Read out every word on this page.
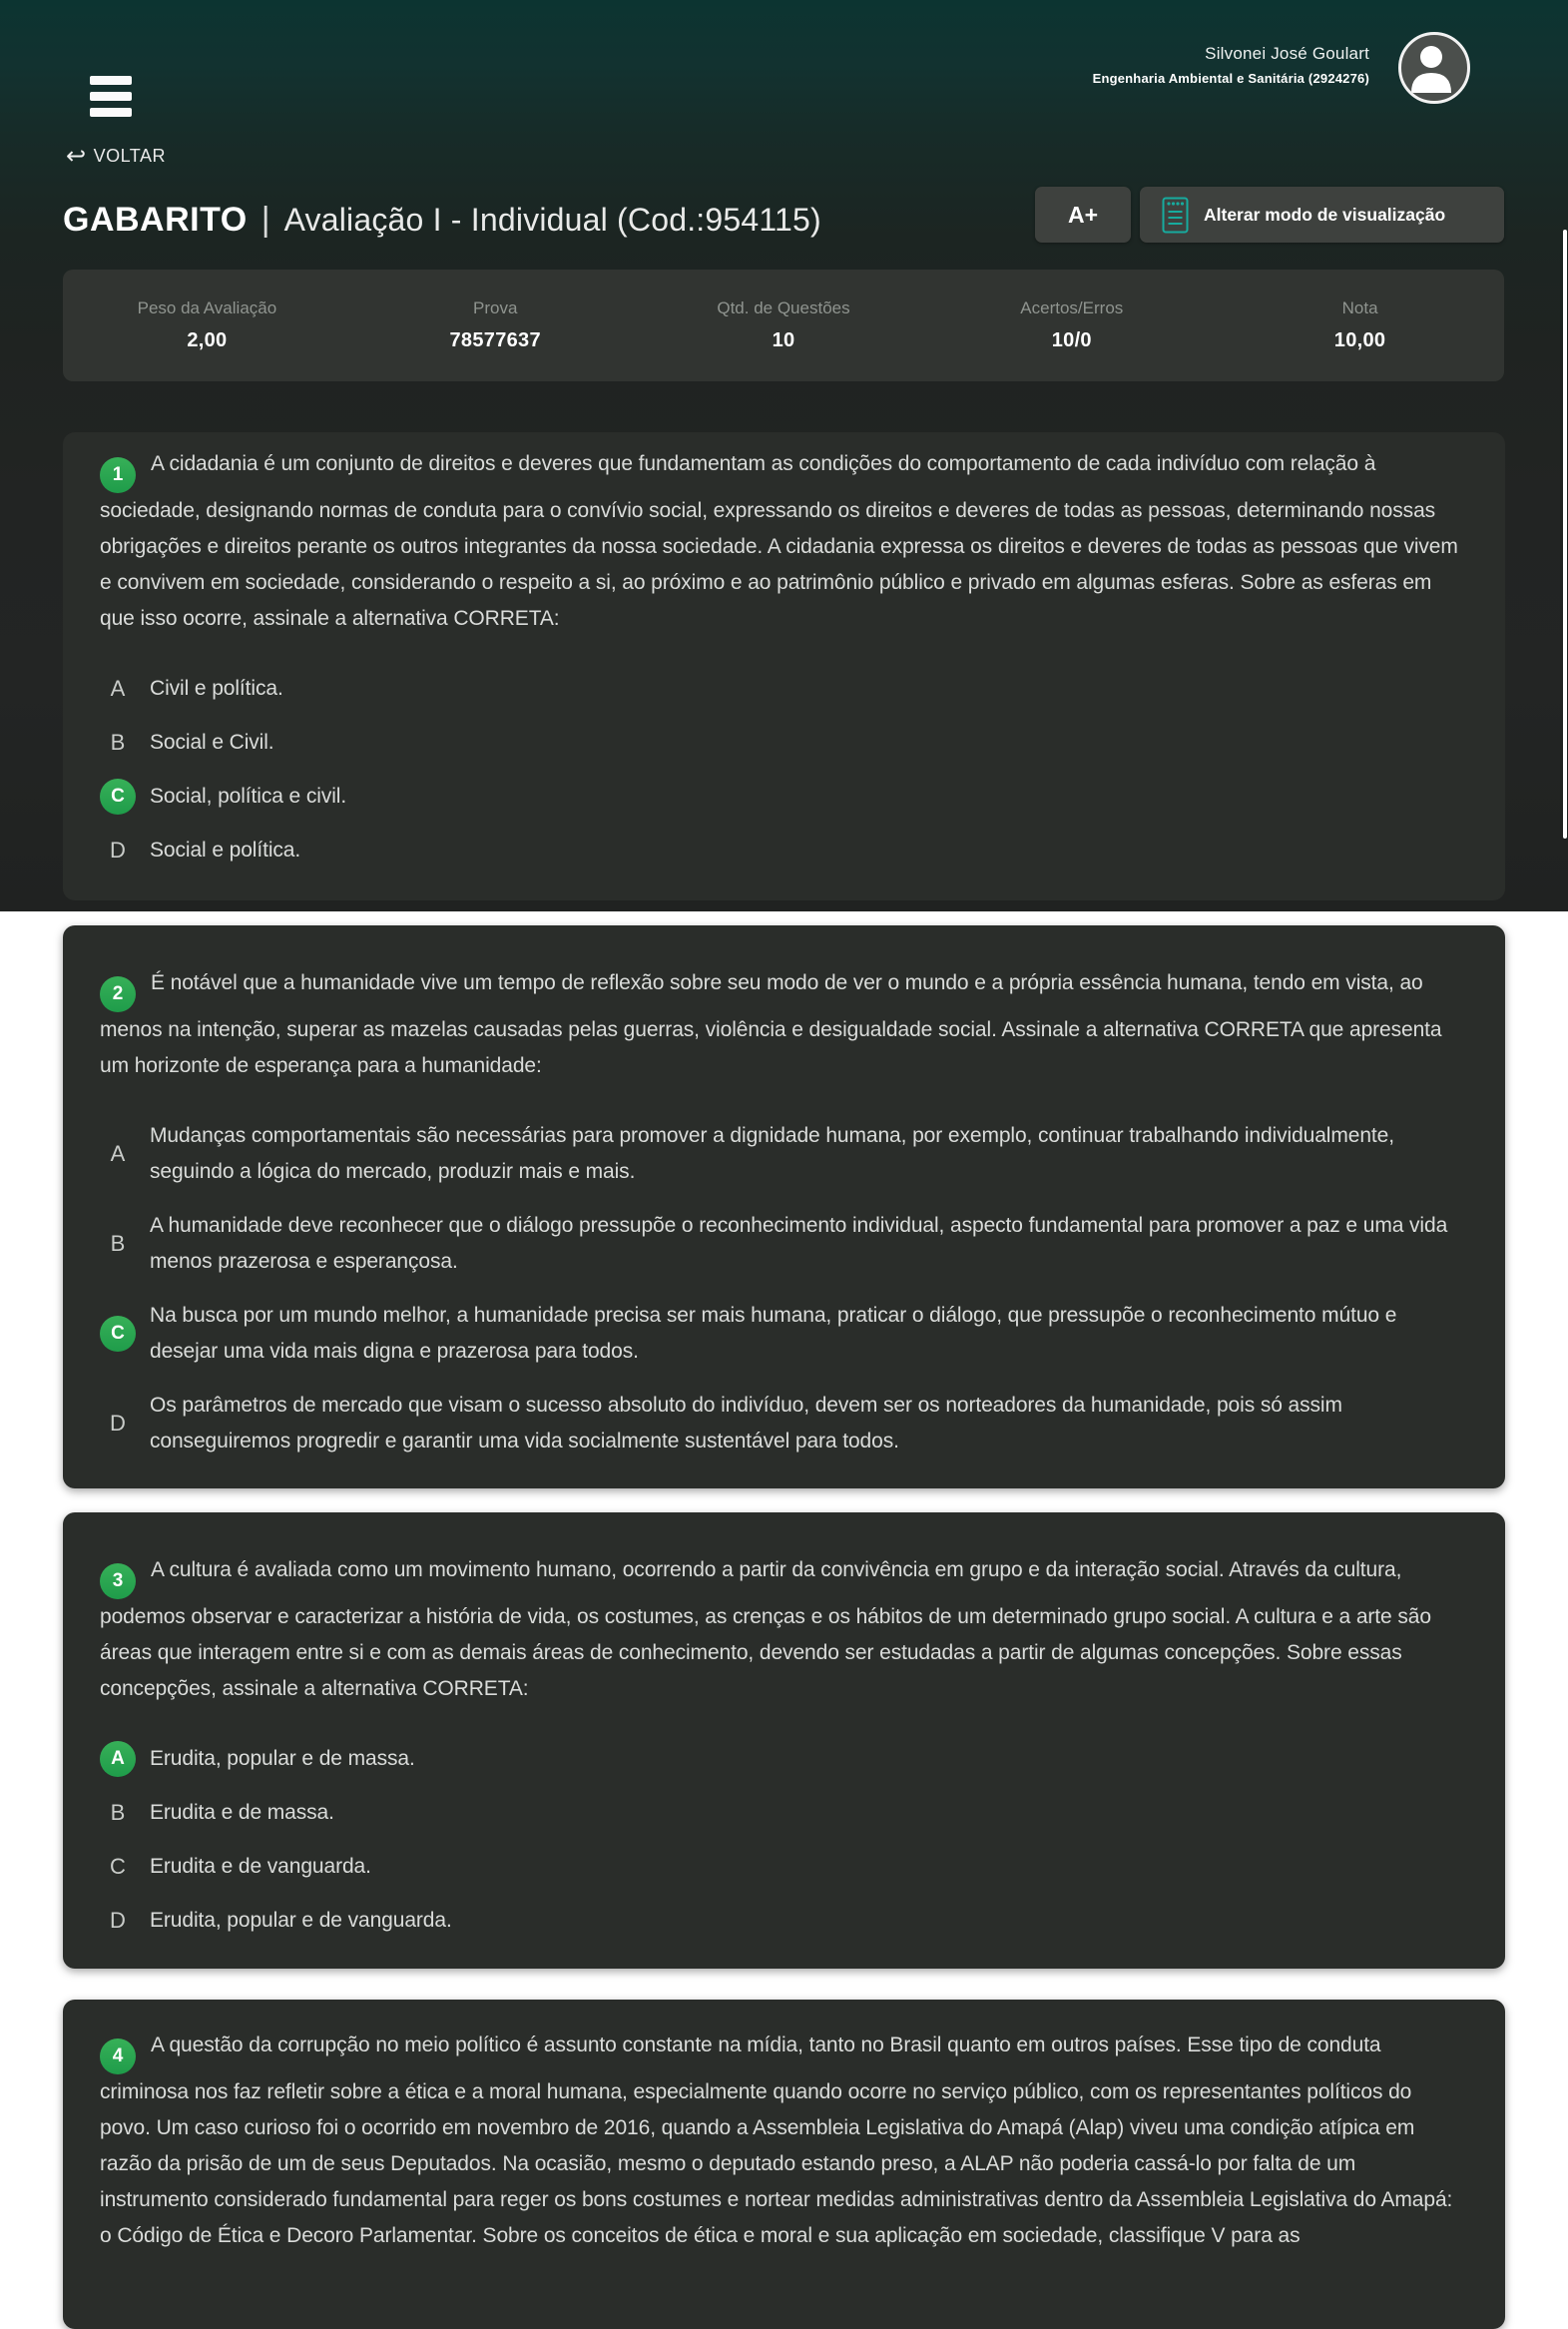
Silvonei José Goulart
Engenharia Ambiental e Sanitária (2924276)
↩ VOLTAR
GABARITO | Avaliação I - Individual (Cod.:954115)	A+	Alterar modo de visualização
Peso da Avaliação
2,00
Prova
78577637
Qtd. de Questões
10
Acertos/Erros
10/0
Nota
10,00

1 A cidadania é um conjunto de direitos e deveres que fundamentam as condições do comportamento de cada indivíduo com relação à sociedade, designando normas de conduta para o convívio social, expressando os direitos e deveres de todas as pessoas, determinando nossas obrigações e direitos perante os outros integrantes da nossa sociedade. A cidadania expressa os direitos e deveres de todas as pessoas que vivem e convivem em sociedade, considerando o respeito a si, ao próximo e ao patrimônio público e privado em algumas esferas. Sobre as esferas em que isso ocorre, assinale a alternativa CORRETA:

A	Civil e política.
B	Social e Civil.
C	Social, política e civil.
D	Social e política.

2 É notável que a humanidade vive um tempo de reflexão sobre seu modo de ver o mundo e a própria essência humana, tendo em vista, ao menos na intenção, superar as mazelas causadas pelas guerras, violência e desigualdade social. Assinale a alternativa CORRETA que apresenta um horizonte de esperança para a humanidade:

A
Mudanças comportamentais são necessárias para promover a dignidade humana, por exemplo, continuar trabalhando individualmente, seguindo a lógica do mercado, produzir mais e mais.
B
A humanidade deve reconhecer que o diálogo pressupõe o reconhecimento individual, aspecto fundamental para promover a paz e uma vida menos prazerosa e esperançosa.
C
Na busca por um mundo melhor, a humanidade precisa ser mais humana, praticar o diálogo, que pressupõe o reconhecimento mútuo e desejar uma vida mais digna e prazerosa para todos.
D
Os parâmetros de mercado que visam o sucesso absoluto do indivíduo, devem ser os norteadores da humanidade, pois só assim conseguiremos progredir e garantir uma vida socialmente sustentável para todos.

3 A cultura é avaliada como um movimento humano, ocorrendo a partir da convivência em grupo e da interação social. Através da cultura, podemos observar e caracterizar a história de vida, os costumes, as crenças e os hábitos de um determinado grupo social. A cultura e a arte são áreas que interagem entre si e com as demais áreas de conhecimento, devendo ser estudadas a partir de algumas concepções. Sobre essas concepções, assinale a alternativa CORRETA:

A	Erudita, popular e de massa.
B	Erudita e de massa.
C	Erudita e de vanguarda.
D	Erudita, popular e de vanguarda.

4 A questão da corrupção no meio político é assunto constante na mídia, tanto no Brasil quanto em outros países. Esse tipo de conduta criminosa nos faz refletir sobre a ética e a moral humana, especialmente quando ocorre no serviço público, com os representantes políticos do povo. Um caso curioso foi o ocorrido em novembro de 2016, quando a Assembleia Legislativa do Amapá (Alap) viveu uma condição atípica em razão da prisão de um de seus Deputados. Na ocasião, mesmo o deputado estando preso, a ALAP não poderia cassá-lo por falta de um instrumento considerado fundamental para reger os bons costumes e nortear medidas administrativas dentro da Assembleia Legislativa do Amapá: o Código de Ética e Decoro Parlamentar. Sobre os conceitos de ética e moral e sua aplicação em sociedade, classifique V para as
